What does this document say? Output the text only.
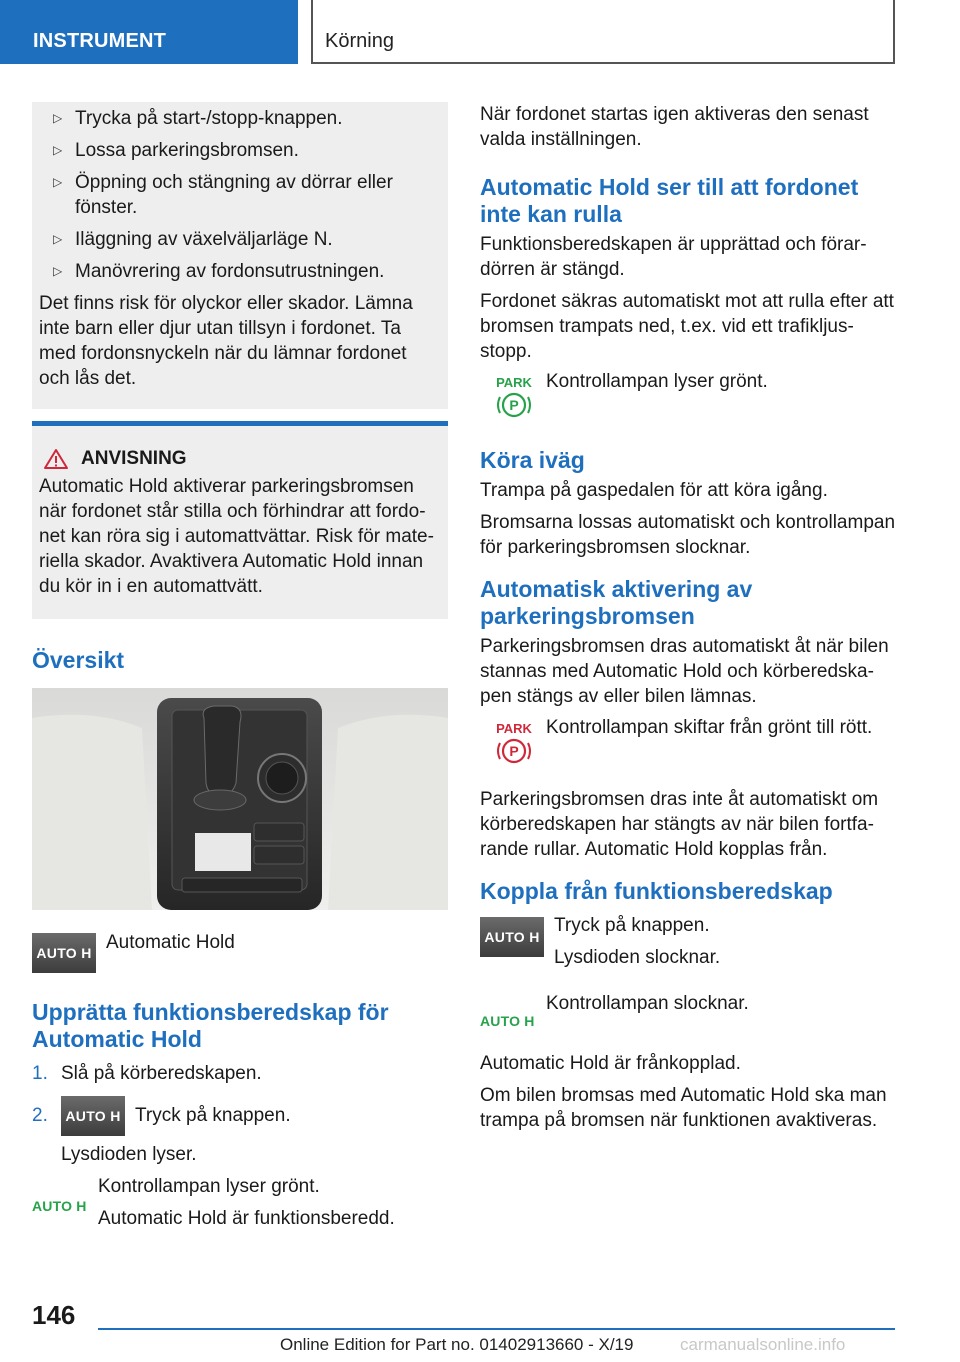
INSTRUMENT	Körning
▷ Trycka på start-/stopp-knappen.
▷ Lossa parkeringsbromsen.
▷ Öppning och stängning av dörrar eller fönster.
▷ Iläggning av växelväljarläge N.
▷ Manövrering av fordonsutrustningen.

Det finns risk för olyckor eller skador. Lämna inte barn eller djur utan tillsyn i fordonet. Ta med fordonsnyckeln när du lämnar fordonet och lås det.

ANVISNING

Automatic Hold aktiverar parkeringsbromsen när fordonet står stilla och förhindrar att fordo-net kan röra sig i automattvättar. Risk för mate-riella skador. Avaktivera Automatic Hold innan du kör in i en automattvätt.

Översikt
AUTO H Automatic Hold
Upprätta funktionsberedskap för Automatic Hold
1. Slå på körberedskapen.
2.	AUTO H Tryck på knappen.

Lysdioden lyser.

AUTO H

Kontrollampan lyser grönt.

Automatic Hold är funktionsberedd.

När fordonet startas igen aktiveras den senast valda inställningen.

Automatic Hold ser till att fordonet inte kan rulla

Funktionsberedskapen är upprättad och förar-dörren är stängd.

Fordonet säkras automatiskt mot att rulla efter att bromsen trampats ned, t.ex. vid ett trafikljus-stopp.

PARK
P
Kontrollampan lyser grönt.
Köra iväg

Trampa på gaspedalen för att köra igång.

Bromsarna lossas automatiskt och kontrollampan för parkeringsbromsen slocknar.

Automatisk aktivering av parkeringsbromsen

Parkeringsbromsen dras automatiskt åt när bilen stannas med Automatic Hold och körberedska-pen stängs av eller bilen lämnas.

PARK
P
Kontrollampan skiftar från grönt till rött.

Parkeringsbromsen dras inte åt automatiskt om körberedskapen har stängts av när bilen fortfa-rande rullar. Automatic Hold kopplas från.

Koppla från funktionsberedskap
AUTO H

Tryck på knappen.

Lysdioden slocknar.

AUTO H

Kontrollampan slocknar.

Automatic Hold är frånkopplad.

Om bilen bromsas med Automatic Hold ska man trampa på bromsen när funktionen avaktiveras.

146
Online Edition for Part no. 01402913660 - X/19	carmanualsonline.info
